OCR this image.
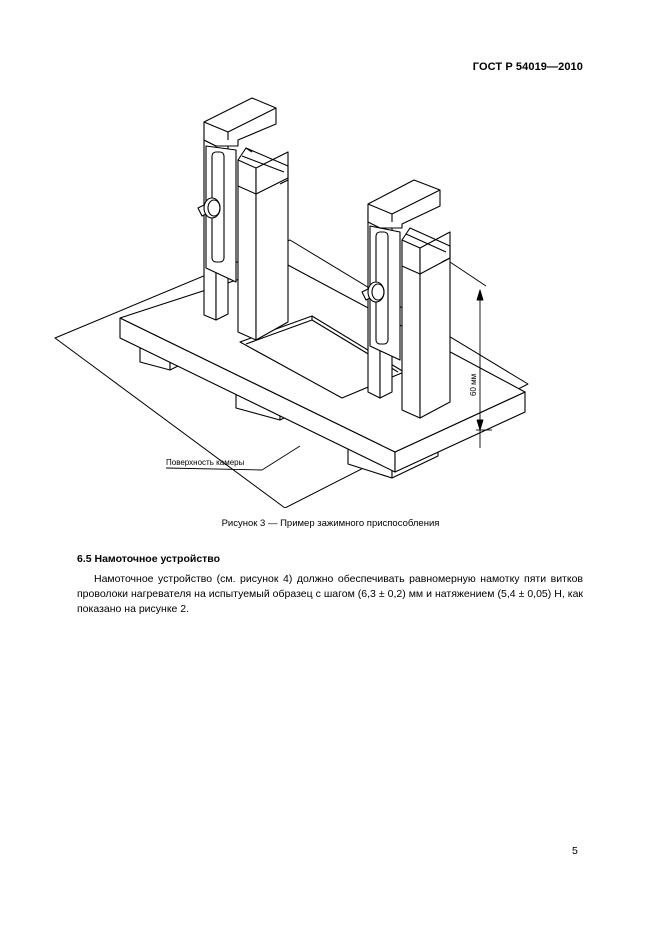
ГОСТ Р 54019—2010
Поверхность камеры
60 мм
Рисунок 3 — Пример зажимного приспособления
6.5 Намоточное устройство
Намоточное устройство (см. рисунок 4) должно обеспечивать равномерную намотку пяти витков проволоки нагревателя на испытуемый образец с шагом (6,3 ± 0,2) мм и натяжением (5,4 ± 0,05) Н, как показано на рисунке 2.
5
